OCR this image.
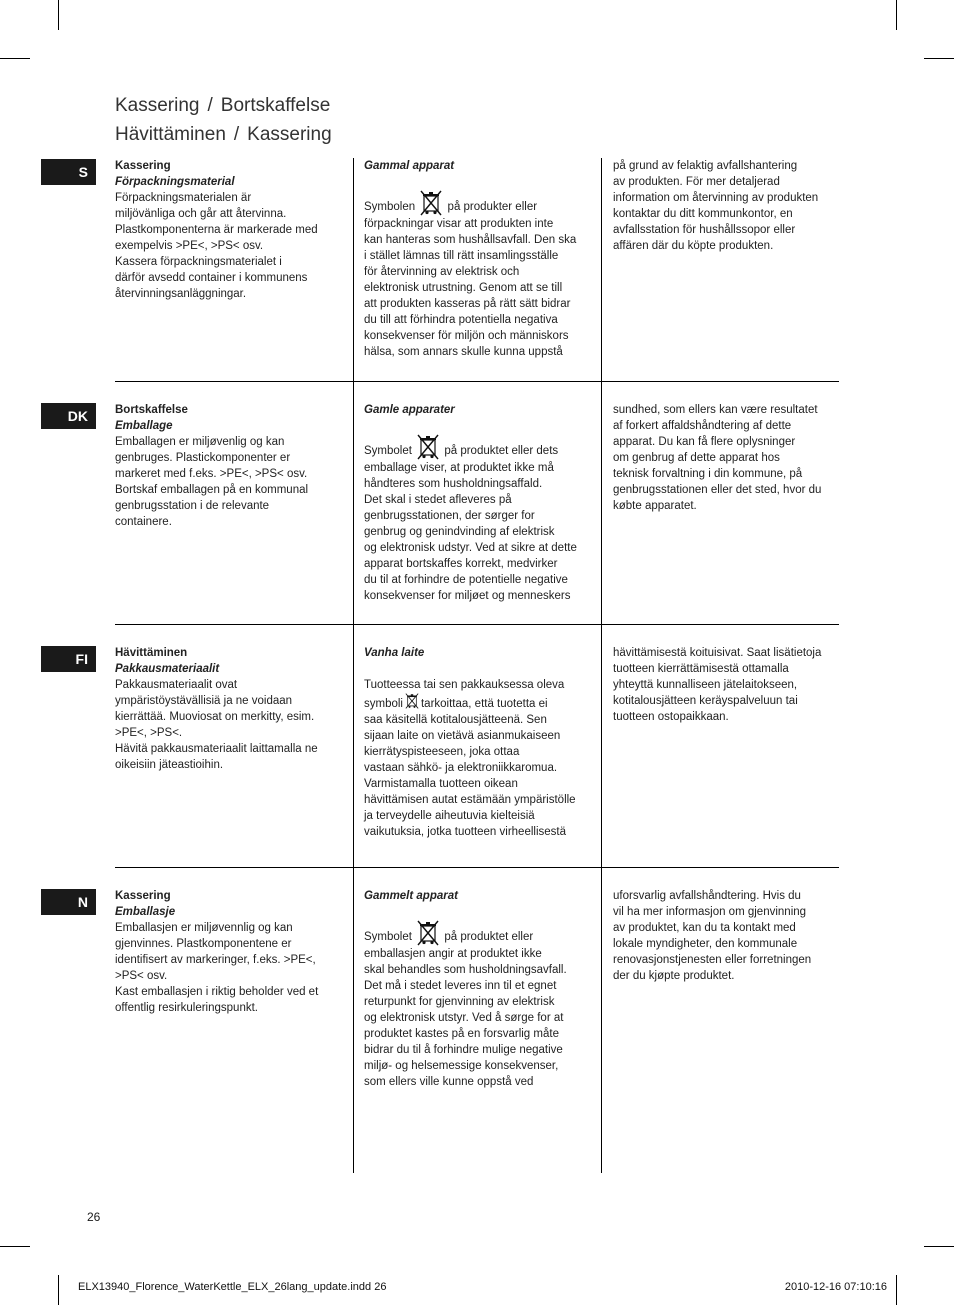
Kassering / Bortskaffelse
Hävittäminen / Kassering
S	Kassering
Förpackningsmaterial
Förpackningsmaterialen är
miljövänliga och går att återvinna.
Plastkomponenterna är markerade med
exempelvis >PE<, >PS< osv.
Kassera förpackningsmaterialet i
därför avsedd container i kommunens
återvinningsanläggningar.
Gammal apparat
Symbolen	på produkter eller
förpackningar visar att produkten inte
kan hanteras som hushållsavfall. Den ska
i stället lämnas till rätt insamlingsställe
för återvinning av elektrisk och
elektronisk utrustning. Genom att se till
att produkten kasseras på rätt sätt bidrar
du till att förhindra potentiella negativa
konsekvenser för miljön och människors
hälsa, som annars skulle kunna uppstå
på grund av felaktig avfallshantering
av produkten. För mer detaljerad
information om återvinning av produkten
kontaktar du ditt kommunkontor, en
avfallsstation för hushållssopor eller
affären där du köpte produkten.
DK	Bortskaffelse
Emballage
Emballagen er miljøvenlig og kan
genbruges. Plastickomponenter er
markeret med f.eks. >PE<, >PS< osv.
Bortskaf emballagen på en kommunal
genbrugsstation i de relevante
containere.
Gamle apparater
Symbolet	på produktet eller dets
emballage viser, at produktet ikke må
håndteres som husholdningsaffald.
Det skal i stedet afleveres på
genbrugsstationen, der sørger for
genbrug og genindvinding af elektrisk
og elektronisk udstyr. Ved at sikre at dette
apparat bortskaffes korrekt, medvirker
du til at forhindre de potentielle negative
konsekvenser for miljøet og menneskers
sundhed, som ellers kan være resultatet
af forkert affaldshåndtering af dette
apparat. Du kan få flere oplysninger
om genbrug af dette apparat hos
teknisk forvaltning i din kommune, på
genbrugsstationen eller det sted, hvor du
købte apparatet.
FI	Hävittäminen
Pakkausmateriaalit
Pakkausmateriaalit ovat
ympäristöystävällisiä ja ne voidaan
kierrättää. Muoviosat on merkitty, esim.
>PE<, >PS<.
Hävitä pakkausmateriaalit laittamalla ne
oikeisiin jäteastioihin.
Vanha laite
Tuotteessa tai sen pakkauksessa oleva
symboli tarkoittaa, että tuotetta ei
saa käsitellä kotitalousjätteenä. Sen
sijaan laite on vietävä asianmukaiseen
kierrätyspisteeseen, joka ottaa
vastaan sähkö- ja elektroniikkaromua.
Varmistamalla tuotteen oikean
hävittämisen autat estämään ympäristölle
ja terveydelle aiheutuvia kielteisiä
vaikutuksia, jotka tuotteen virheellisestä
hävittämisestä koituisivat. Saat lisätietoja
tuotteen kierrättämisestä ottamalla
yhteyttä kunnalliseen jätelaitokseen,
kotitalousjätteen keräyspalveluun tai
tuotteen ostopaikkaan.
N	Kassering
Emballasje
Emballasjen er miljøvennlig og kan
gjenvinnes. Plastkomponentene er
identifisert av markeringer, f.eks. >PE<,
>PS< osv.
Kast emballasjen i riktig beholder ved et
offentlig resirkuleringspunkt.
Gammelt apparat
Symbolet	på produktet eller
emballasjen angir at produktet ikke
skal behandles som husholdningsavfall.
Det må i stedet leveres inn til et egnet
returpunkt for gjenvinning av elektrisk
og elektronisk utstyr. Ved å sørge for at
produktet kastes på en forsvarlig måte
bidrar du til å forhindre mulige negative
miljø- og helsemessige konsekvenser,
som ellers ville kunne oppstå ved
uforsvarlig avfallshåndtering. Hvis du
vil ha mer informasjon om gjenvinning
av produktet, kan du ta kontakt med
lokale myndigheter, den kommunale
renovasjonstjenesten eller forretningen
der du kjøpte produktet.
26
ELX13940_Florence_WaterKettle_ELX_26lang_update.indd 26	2010-12-16 07:10:16
